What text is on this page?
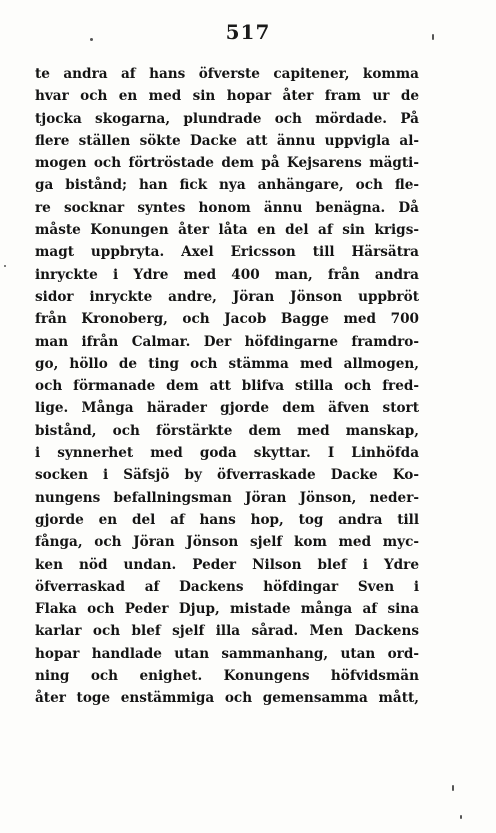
517
te andra af hans öfverste capitener, komma
hvar och en med sin hopar åter fram ur de
tjocka skogarna, plundrade och mördade. På
flere ställen sökte Dacke att ännu uppvigla al-
mogen och förtröstade dem på Kejsarens mägti-
ga bistånd; han fick nya anhängare, och fle-
re socknar syntes honom ännu benägna. Då
måste Konungen åter låta en del af sin krigs-
magt uppbryta. Axel Ericsson till Härsätra
inryckte i Ydre med 400 man, från andra
sidor inryckte andre, Jöran Jönson uppbröt
från Kronoberg, och Jacob Bagge med 700
man ifrån Calmar. Der höfdingarne framdro-
go, höllo de ting och stämma med allmogen,
och förmanade dem att blifva stilla och fred-
lige. Många härader gjorde dem äfven stort
bistånd, och förstärkte dem med manskap,
i synnerhet med goda skyttar. I Linhöfda
socken i Säfsjö by öfverraskade Dacke Ko-
nungens befallningsman Jöran Jönson, neder-
gjorde en del af hans hop, tog andra till
fånga, och Jöran Jönson sjelf kom med myc-
ken nöd undan. Peder Nilson blef i Ydre
öfverraskad af Dackens höfdingar Sven i
Flaka och Peder Djup, mistade många af sina
karlar och blef sjelf illa sårad. Men Dackens
hopar handlade utan sammanhang, utan ord-
ning och enighet. Konungens höfvidsmän
åter toge enstämmiga och gemensamma mått,
